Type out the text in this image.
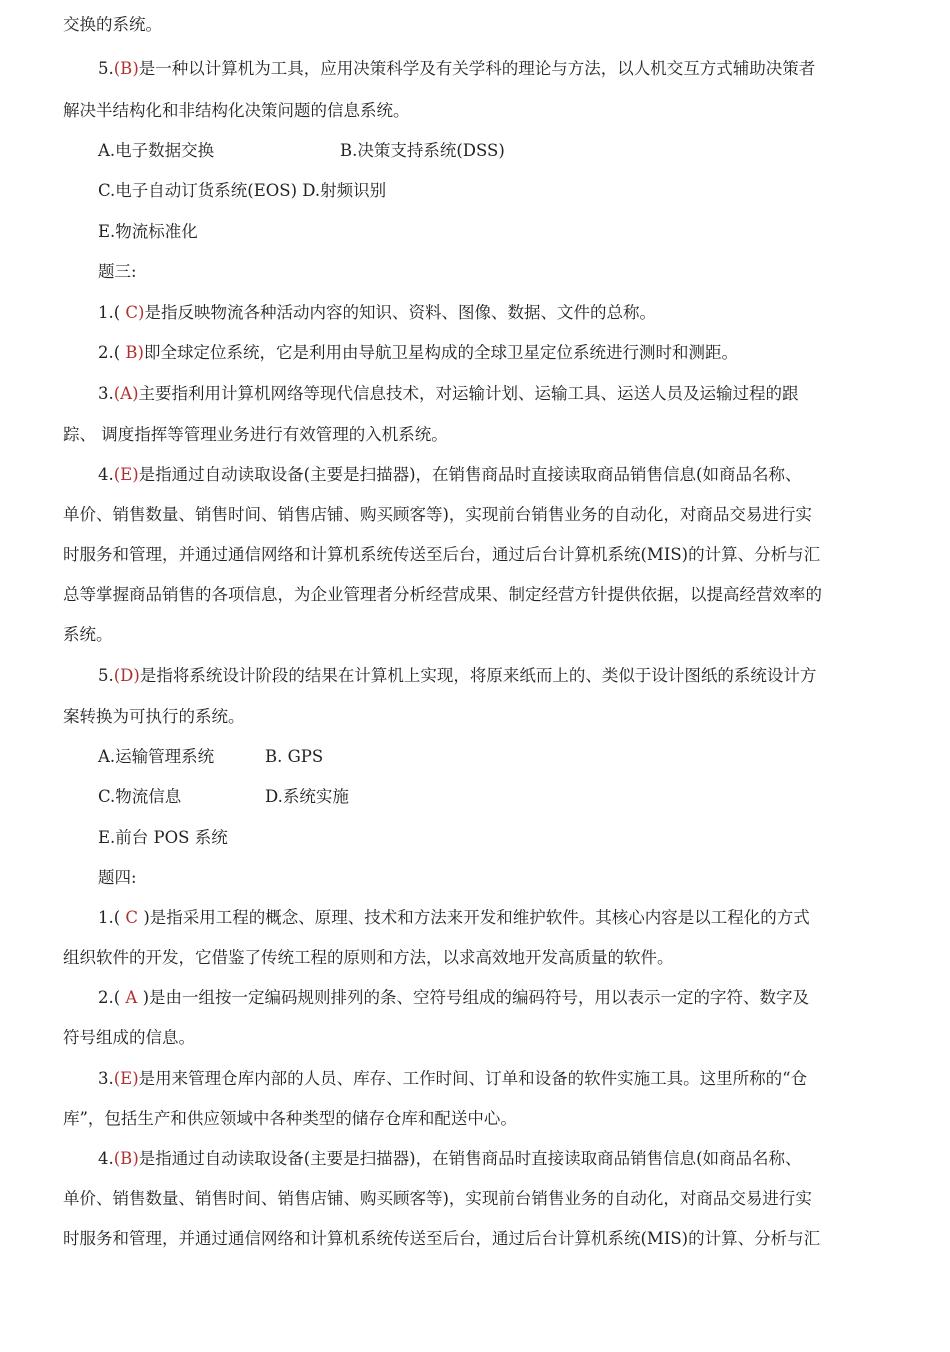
交换的系统。
5.(B)是一种以计算机为工具，应用决策科学及有关学科的理论与方法，以人机交互方式辅助决策者
解决半结构化和非结构化决策问题的信息系统。
A.电子数据交换	B.决策支持系统(DSS)
C.电子自动订货系统(EOS) D.射频识别
E.物流标准化
题三:
1.( C)是指反映物流各种活动内容的知识、资料、图像、数据、文件的总称。
2.( B)即全球定位系统，它是利用由导航卫星构成的全球卫星定位系统进行测时和测距。
3.(A)主要指利用计算机网络等现代信息技术，对运输计划、运输工具、运送人员及运输过程的跟
踪、 调度指挥等管理业务进行有效管理的入机系统。
4.(E)是指通过自动读取设备(主要是扫描器)，在销售商品时直接读取商品销售信息(如商品名称、
单价、销售数量、销售时间、销售店铺、购买顾客等)，实现前台销售业务的自动化，对商品交易进行实
时服务和管理，并通过通信网络和计算机系统传送至后台，通过后台计算机系统(MIS)的计算、分析与汇
总等掌握商品销售的各项信息，为企业管理者分析经营成果、制定经营方针提供依据，以提高经营效率的
系统。
5.(D)是指将系统设计阶段的结果在计算机上实现，将原来纸而上的、类似于设计图纸的系统设计方
案转换为可执行的系统。
A.运输管理系统	B. GPS
C.物流信息	D.系统实施
E.前台 POS 系统
题四:
1.( C )是指采用工程的概念、原理、技术和方法来开发和维护软件。其核心内容是以工程化的方式
组织软件的开发，它借鉴了传统工程的原则和方法，以求高效地开发高质量的软件。
2.( A )是由一组按一定编码规则排列的条、空符号组成的编码符号，用以表示一定的字符、数字及
符号组成的信息。
3.(E)是用来管理仓库内部的人员、库存、工作时间、订单和设备的软件实施工具。这里所称的“仓
库”，包括生产和供应领域中各种类型的储存仓库和配送中心。
4.(B)是指通过自动读取设备(主要是扫描器)，在销售商品时直接读取商品销售信息(如商品名称、
单价、销售数量、销售时间、销售店铺、购买顾客等)，实现前台销售业务的自动化，对商品交易进行实
时服务和管理，并通过通信网络和计算机系统传送至后台，通过后台计算机系统(MIS)的计算、分析与汇
